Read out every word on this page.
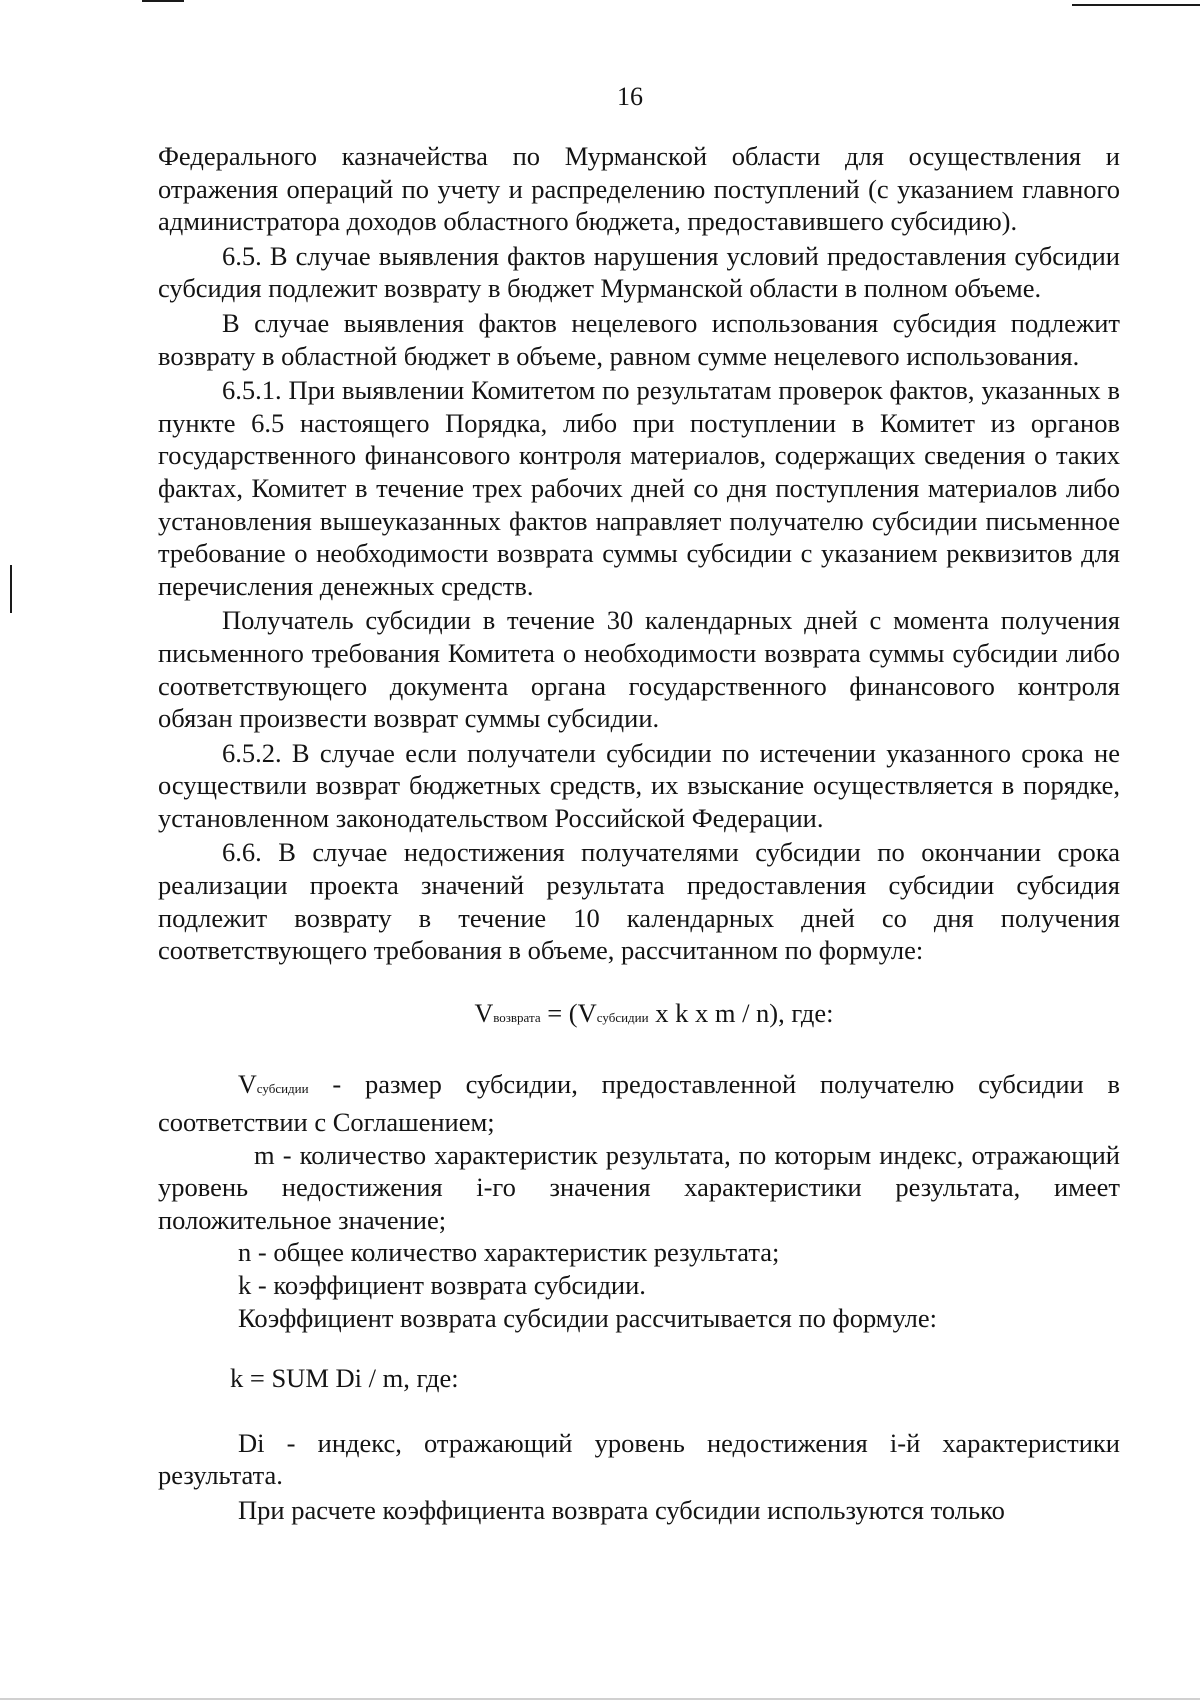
16

Федерального казначейства по Мурманской области для осуществления и отражения операций по учету и распределению поступлений (с указанием главного администратора доходов областного бюджета, предоставившего субсидию).

6.5. В случае выявления фактов нарушения условий предоставления субсидии субсидия подлежит возврату в бюджет Мурманской области в полном объеме.

В случае выявления фактов нецелевого использования субсидия подлежит возврату в областной бюджет в объеме, равном сумме нецелевого использования.

6.5.1. При выявлении Комитетом по результатам проверок фактов, указанных в пункте 6.5 настоящего Порядка, либо при поступлении в Комитет из органов государственного финансового контроля материалов, содержащих сведения о таких фактах, Комитет в течение трех рабочих дней со дня поступления материалов либо установления вышеуказанных фактов направляет получателю субсидии письменное требование о необходимости возврата суммы субсидии с указанием реквизитов для перечисления денежных средств.

Получатель субсидии в течение 30 календарных дней с момента получения письменного требования Комитета о необходимости возврата суммы субсидии либо соответствующего документа органа государственного финансового контроля обязан произвести возврат суммы субсидии.

6.5.2. В случае если получатели субсидии по истечении указанного срока не осуществили возврат бюджетных средств, их взыскание осуществляется в порядке, установленном законодательством Российской Федерации.

6.6. В случае недостижения получателями субсидии по окончании срока реализации проекта значений результата предоставления субсидии субсидия подлежит возврату в течение 10 календарных дней со дня получения соответствующего требования в объеме, рассчитанном по формуле:

Vвозврата = (Vсубсидии x k x m / n), где:

Vсубсидии - размер субсидии, предоставленной получателю субсидии в соответствии с Соглашением;

m - количество характеристик результата, по которым индекс, отражающий уровень недостижения i-го значения характеристики результата, имеет положительное значение;

n - общее количество характеристик результата;

k - коэффициент возврата субсидии.

Коэффициент возврата субсидии рассчитывается по формуле:

k = SUM Di / m, где:

Di - индекс, отражающий уровень недостижения i-й характеристики результата.

При расчете коэффициента возврата субсидии используются только
